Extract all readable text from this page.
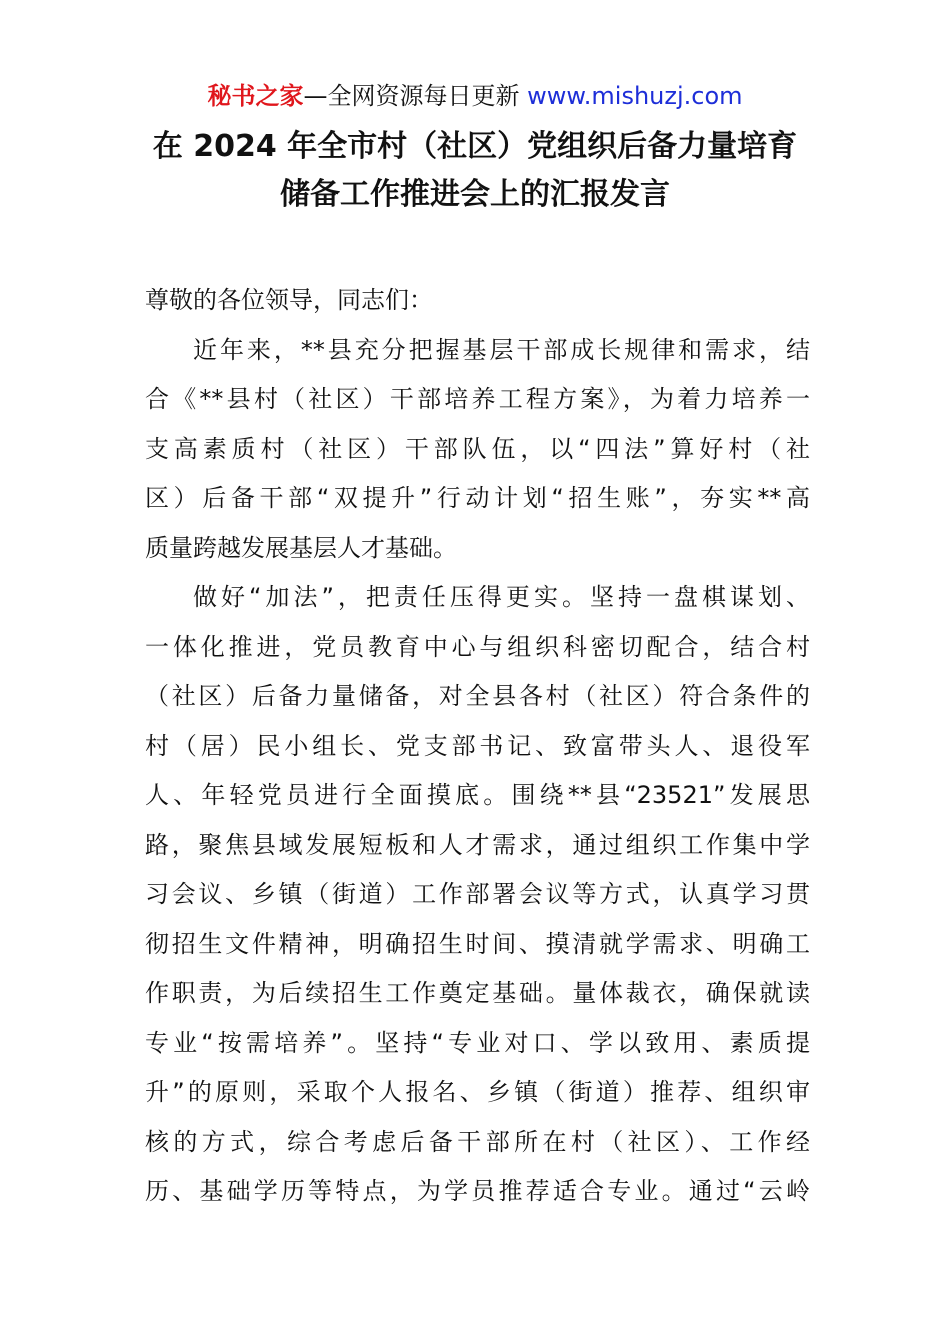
秘书之家—全网资源每日更新 www.mishuzj.com
在 2024 年全市村（社区）党组织后备力量培育
储备工作推进会上的汇报发言
尊敬的各位领导，同志们：
近年来，**县充分把握基层干部成长规律和需求，结
合《**县村（社区）干部培养工程方案》，为着力培养一
支高素质村（社区）干部队伍，以“四法”算好村（社
区）后备干部“双提升”行动计划“招生账”，夯实**高
质量跨越发展基层人才基础。
做好“加法”，把责任压得更实。坚持一盘棋谋划、
一体化推进，党员教育中心与组织科密切配合，结合村
（社区）后备力量储备，对全县各村（社区）符合条件的
村（居）民小组长、党支部书记、致富带头人、退役军
人、年轻党员进行全面摸底。围绕**县“23521”发展思
路，聚焦县域发展短板和人才需求，通过组织工作集中学
习会议、乡镇（街道）工作部署会议等方式，认真学习贯
彻招生文件精神，明确招生时间、摸清就学需求、明确工
作职责，为后续招生工作奠定基础。量体裁衣，确保就读
专业“按需培养”。坚持“专业对口、学以致用、素质提
升”的原则，采取个人报名、乡镇（街道）推荐、组织审
核的方式，综合考虑后备干部所在村（社区）、工作经
历、基础学历等特点，为学员推荐适合专业。通过“云岭
